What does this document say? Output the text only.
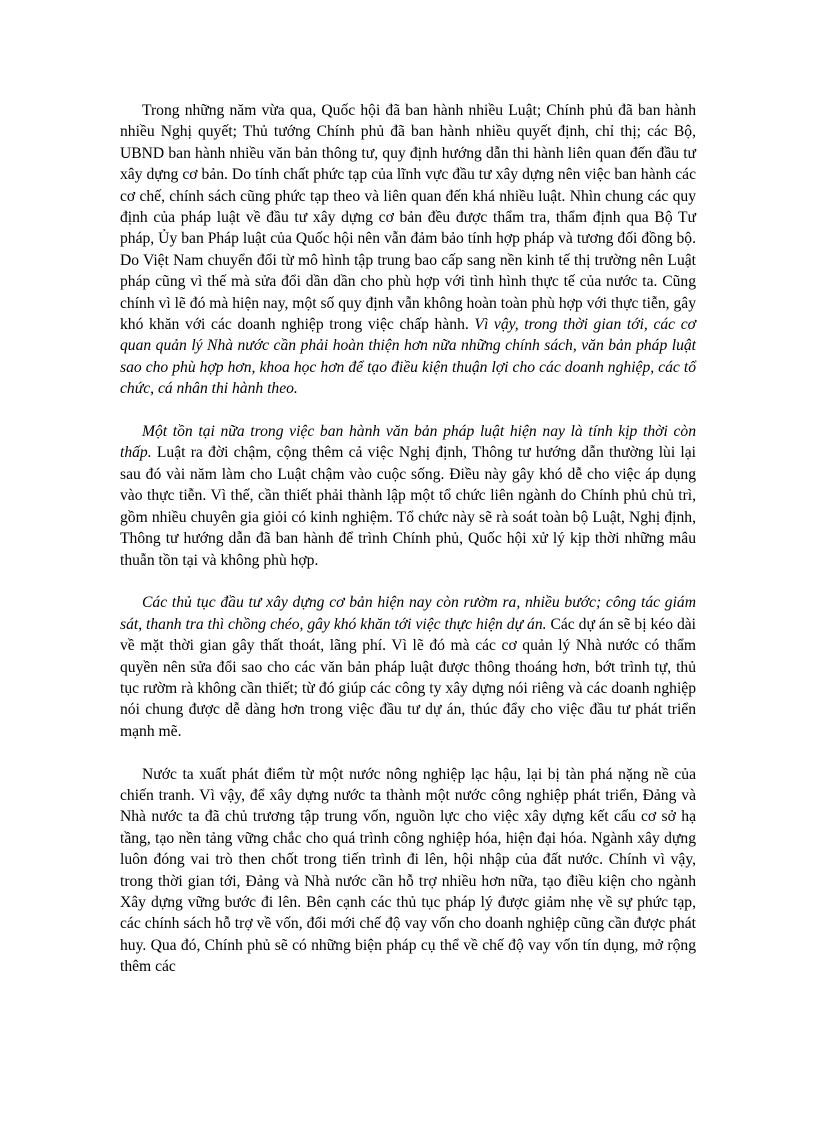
Trong những năm vừa qua, Quốc hội đã ban hành nhiều Luật; Chính phủ đã ban hành nhiều Nghị quyết; Thủ tướng Chính phủ đã ban hành nhiều quyết định, chỉ thị; các Bộ, UBND ban hành nhiều văn bản thông tư, quy định hướng dẫn thi hành liên quan đến đầu tư xây dựng cơ bản. Do tính chất phức tạp của lĩnh vực đầu tư xây dựng nên việc ban hành các cơ chế, chính sách cũng phức tạp theo và liên quan đến khá nhiều luật. Nhìn chung các quy định của pháp luật về đầu tư xây dựng cơ bản đều được thẩm tra, thẩm định qua Bộ Tư pháp, Ủy ban Pháp luật của Quốc hội nên vẫn đảm bảo tính hợp pháp và tương đối đồng bộ. Do Việt Nam chuyển đổi từ mô hình tập trung bao cấp sang nền kinh tế thị trường nên Luật pháp cũng vì thế mà sửa đổi dần dần cho phù hợp với tình hình thực tế của nước ta. Cũng chính vì lẽ đó mà hiện nay, một số quy định vẫn không hoàn toàn phù hợp với thực tiễn, gây khó khăn với các doanh nghiệp trong việc chấp hành. Vì vậy, trong thời gian tới, các cơ quan quản lý Nhà nước cần phải hoàn thiện hơn nữa những chính sách, văn bản pháp luật sao cho phù hợp hơn, khoa học hơn để tạo điều kiện thuận lợi cho các doanh nghiệp, các tổ chức, cá nhân thi hành theo.

Một tồn tại nữa trong việc ban hành văn bản pháp luật hiện nay là tính kịp thời còn thấp. Luật ra đời chậm, cộng thêm cả việc Nghị định, Thông tư hướng dẫn thường lùi lại sau đó vài năm làm cho Luật chậm vào cuộc sống. Điều này gây khó dễ cho việc áp dụng vào thực tiễn. Vì thế, cần thiết phải thành lập một tổ chức liên ngành do Chính phủ chủ trì, gồm nhiều chuyên gia giỏi có kinh nghiệm. Tổ chức này sẽ rà soát toàn bộ Luật, Nghị định, Thông tư hướng dẫn đã ban hành để trình Chính phủ, Quốc hội xử lý kịp thời những mâu thuẫn tồn tại và không phù hợp.

Các thủ tục đầu tư xây dựng cơ bản hiện nay còn rườm ra, nhiều bước; công tác giám sát, thanh tra thì chồng chéo, gây khó khăn tới việc thực hiện dự án. Các dự án sẽ bị kéo dài về mặt thời gian gây thất thoát, lãng phí. Vì lẽ đó mà các cơ quản lý Nhà nước có thẩm quyền nên sửa đổi sao cho các văn bản pháp luật được thông thoáng hơn, bớt trình tự, thủ tục rườm rà không cần thiết; từ đó giúp các công ty xây dựng nói riêng và các doanh nghiệp nói chung được dễ dàng hơn trong việc đầu tư dự án, thúc đẩy cho việc đầu tư phát triển mạnh mẽ.

Nước ta xuất phát điểm từ một nước nông nghiệp lạc hậu, lại bị tàn phá nặng nề của chiến tranh. Vì vậy, để xây dựng nước ta thành một nước công nghiệp phát triển, Đảng và Nhà nước ta đã chủ trương tập trung vốn, nguồn lực cho việc xây dựng kết cấu cơ sở hạ tầng, tạo nền tảng vững chắc cho quá trình công nghiệp hóa, hiện đại hóa. Ngành xây dựng luôn đóng vai trò then chốt trong tiến trình đi lên, hội nhập của đất nước. Chính vì vậy, trong thời gian tới, Đảng và Nhà nước cần hỗ trợ nhiều hơn nữa, tạo điều kiện cho ngành Xây dựng vững bước đi lên. Bên cạnh các thủ tục pháp lý được giảm nhẹ về sự phức tạp, các chính sách hỗ trợ về vốn, đổi mới chế độ vay vốn cho doanh nghiệp cũng cần được phát huy. Qua đó, Chính phủ sẽ có những biện pháp cụ thể về chế độ vay vốn tín dụng, mở rộng thêm các
